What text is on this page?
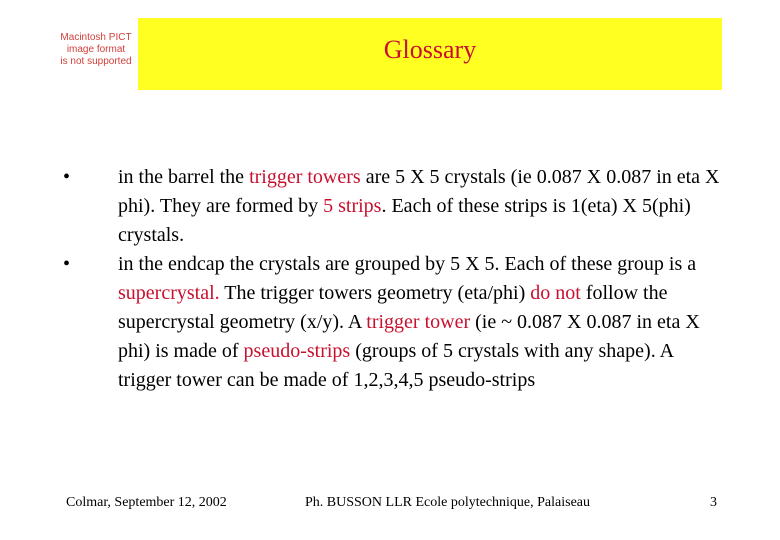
Macintosh PICT
image format
is not supported	Glossary
•	in the barrel the trigger towers are 5 X 5 crystals (ie 0.087 X 0.087 in eta X phi). They are formed by 5 strips. Each of these strips is 1(eta) X 5(phi) crystals.
•	in the endcap the crystals are grouped by 5 X 5. Each of these group is a supercrystal. The trigger towers geometry (eta/phi) do not follow the supercrystal geometry (x/y). A trigger tower (ie ~ 0.087 X 0.087 in eta X phi) is made of pseudo-strips (groups of 5 crystals with any shape). A trigger tower can be made of 1,2,3,4,5 pseudo-strips
Colmar, September 12, 2002	Ph. BUSSON LLR Ecole polytechnique, Palaiseau	3
